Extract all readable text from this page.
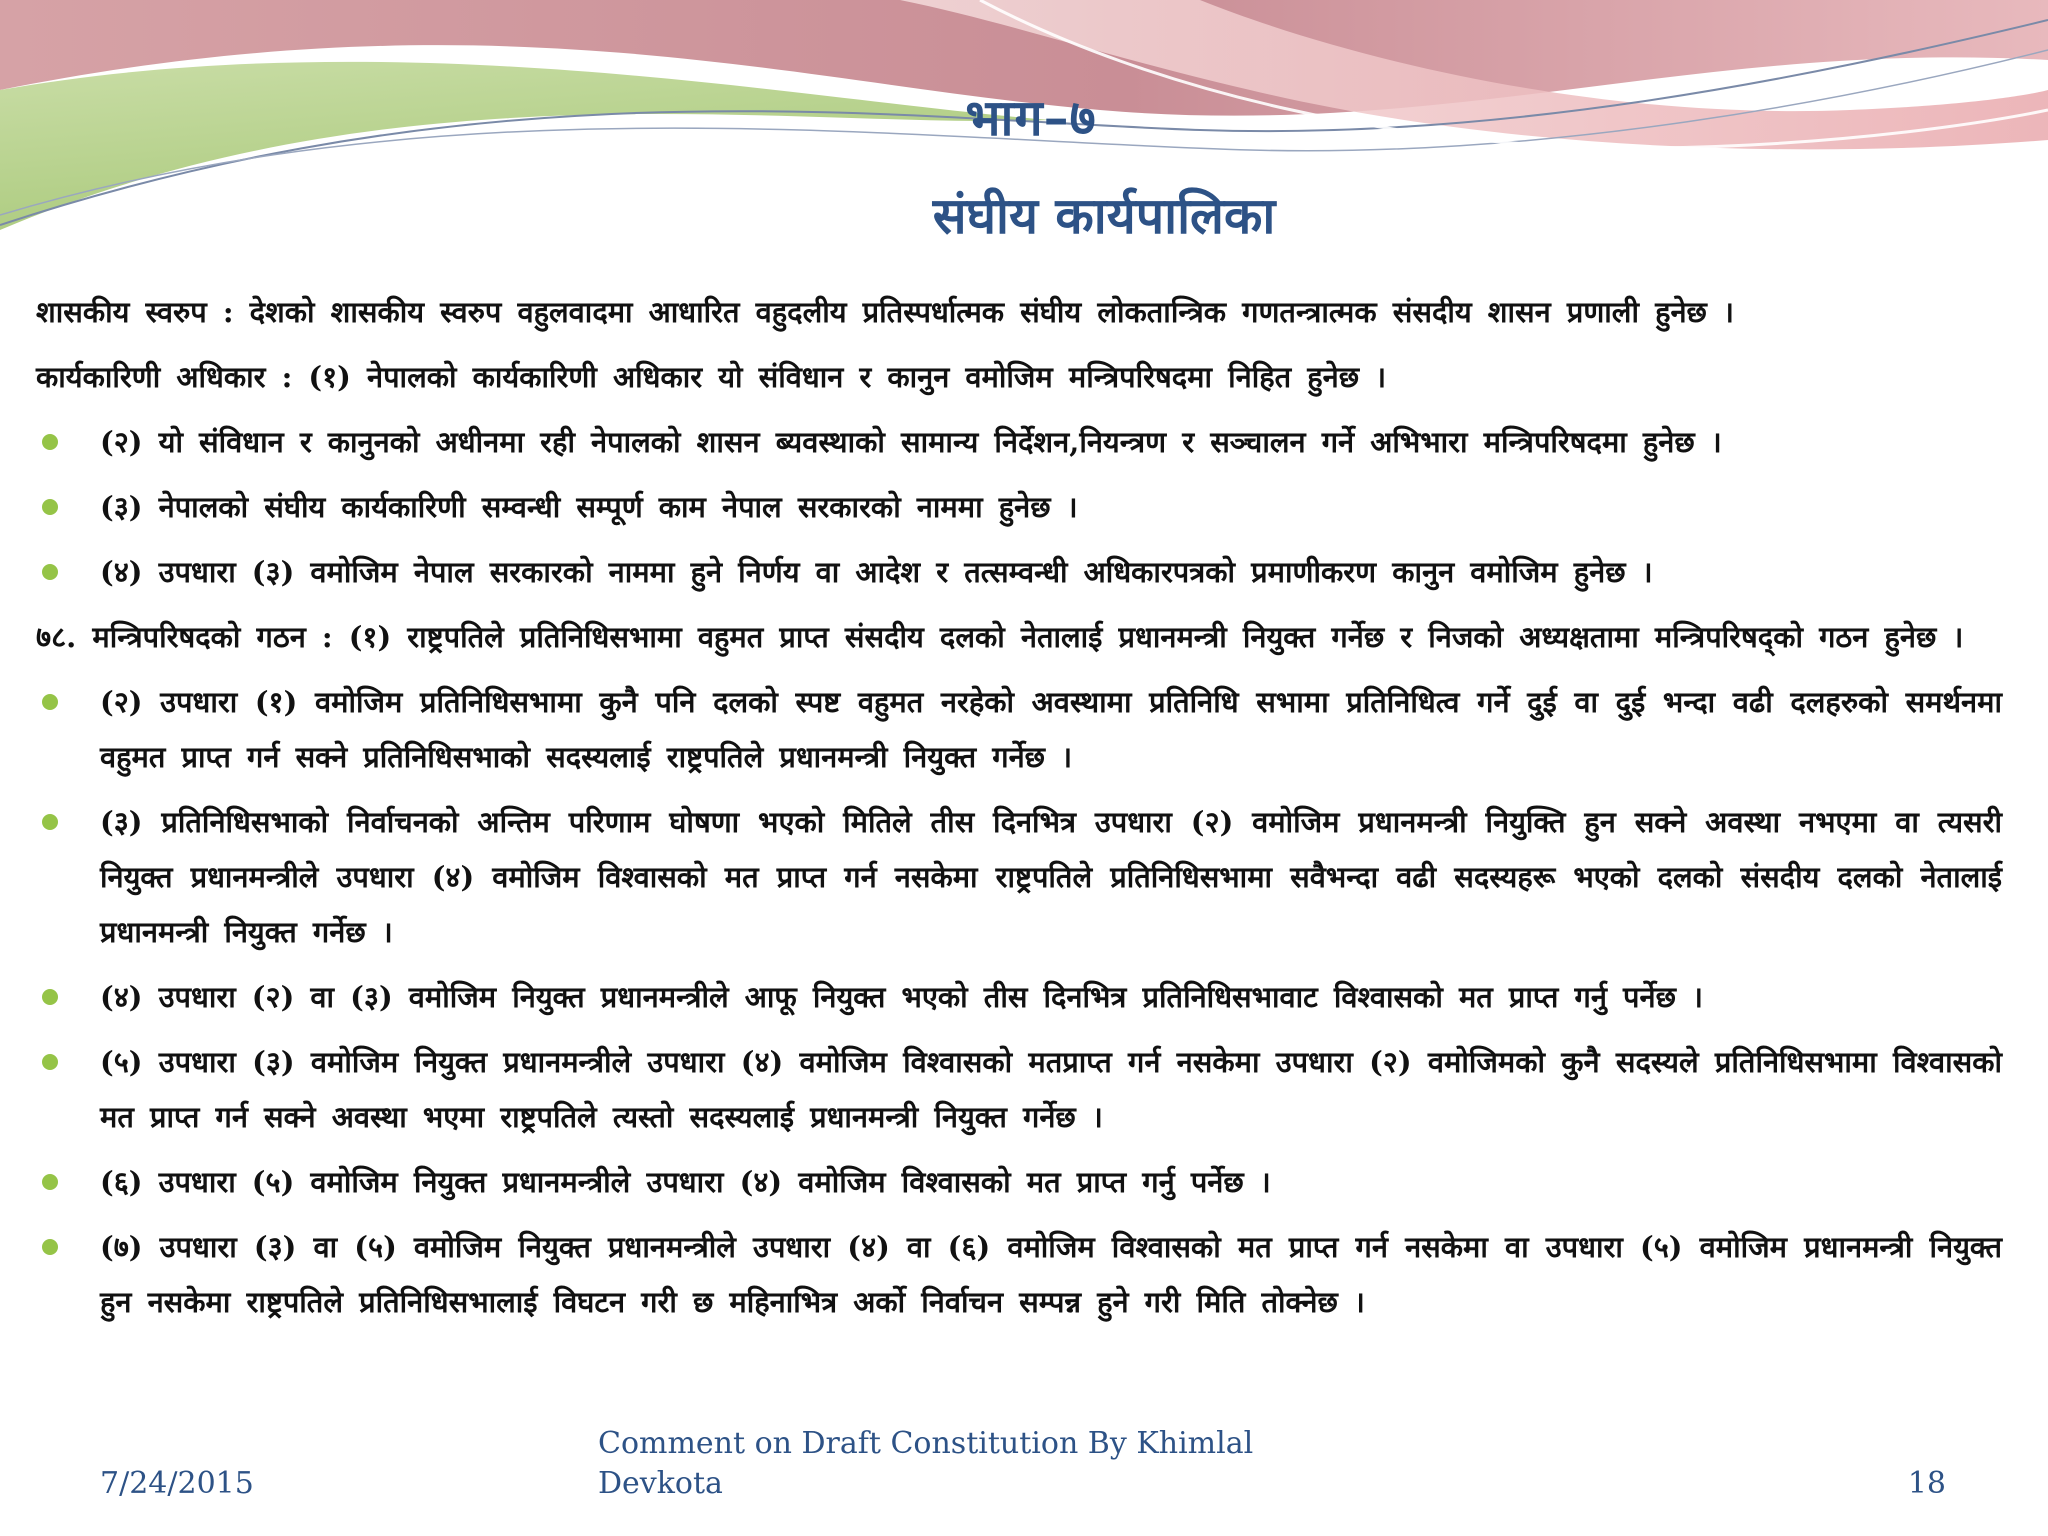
भाग–७
संघीय कार्यपालिका
शासकीय स्वरुप : देशको शासकीय स्वरुप वहुलवादमा आधारित वहुदलीय प्रतिस्पर्धात्मक संघीय लोकतान्त्रिक गणतन्त्रात्मक संसदीय शासन प्रणाली हुनेछ ।
कार्यकारिणी अधिकार : (१) नेपालको कार्यकारिणी अधिकार यो संविधान र कानुन वमोजिम मन्त्रिपरिषदमा निहित हुनेछ ।
(२) यो संविधान र कानुनको अधीनमा रही नेपालको शासन ब्यवस्थाको सामान्य निर्देशन,नियन्त्रण र सञ्चालन गर्ने अभिभारा मन्त्रिपरिषदमा हुनेछ ।
(३) नेपालको संघीय कार्यकारिणी सम्वन्धी सम्पूर्ण काम नेपाल सरकारको नाममा हुनेछ ।
(४) उपधारा (३) वमोजिम नेपाल सरकारको नाममा हुने निर्णय वा आदेश र तत्सम्वन्धी अधिकारपत्रको प्रमाणीकरण कानुन वमोजिम हुनेछ ।
७८. मन्त्रिपरिषदको गठन : (१) राष्ट्रपतिले प्रतिनिधिसभामा वहुमत प्राप्त संसदीय दलको नेतालाई प्रधानमन्त्री नियुक्त गर्नेछ र निजको अध्यक्षतामा मन्त्रिपरिषद्को गठन हुनेछ ।
(२) उपधारा (१) वमोजिम प्रतिनिधिसभामा कुनै पनि दलको स्पष्ट वहुमत नरहेको अवस्थामा प्रतिनिधि सभामा प्रतिनिधित्व गर्ने दुई वा दुई भन्दा वढी दलहरुको समर्थनमा वहुमत प्राप्त गर्न सक्ने प्रतिनिधिसभाको सदस्यलाई राष्ट्रपतिले प्रधानमन्त्री नियुक्त गर्नेछ ।
(३) प्रतिनिधिसभाको निर्वाचनको अन्तिम परिणाम घोषणा भएको मितिले तीस दिनभित्र उपधारा (२) वमोजिम प्रधानमन्त्री नियुक्ति हुन सक्ने अवस्था नभएमा वा त्यसरी नियुक्त प्रधानमन्त्रीले उपधारा (४) वमोजिम विश्वासको मत प्राप्त गर्न नसकेमा राष्ट्रपतिले प्रतिनिधिसभामा सवैभन्दा वढी सदस्यहरू भएको दलको संसदीय दलको नेतालाई प्रधानमन्त्री नियुक्त गर्नेछ ।
(४) उपधारा (२) वा (३) वमोजिम नियुक्त प्रधानमन्त्रीले आफू नियुक्त भएको तीस दिनभित्र प्रतिनिधिसभावाट विश्वासको मत प्राप्त गर्नु पर्नेछ ।
(५) उपधारा (३) वमोजिम नियुक्त प्रधानमन्त्रीले उपधारा (४) वमोजिम विश्वासको मतप्राप्त गर्न नसकेमा उपधारा (२) वमोजिमको कुनै सदस्यले प्रतिनिधिसभामा विश्वासको मत प्राप्त गर्न सक्ने अवस्था भएमा राष्ट्रपतिले त्यस्तो सदस्यलाई प्रधानमन्त्री नियुक्त गर्नेछ ।
(६) उपधारा (५) वमोजिम नियुक्त प्रधानमन्त्रीले उपधारा (४) वमोजिम विश्वासको मत प्राप्त गर्नु पर्नेछ ।
(७) उपधारा (३) वा (५) वमोजिम नियुक्त प्रधानमन्त्रीले उपधारा (४) वा (६) वमोजिम विश्वासको मत प्राप्त गर्न नसकेमा वा उपधारा (५) वमोजिम प्रधानमन्त्री नियुक्त हुन नसकेमा राष्ट्रपतिले प्रतिनिधिसभालाई विघटन गरी छ महिनाभित्र अर्को निर्वाचन सम्पन्न हुने गरी मिति तोक्नेछ ।
7/24/2015
Comment on Draft Constitution By Khimlal Devkota	18
